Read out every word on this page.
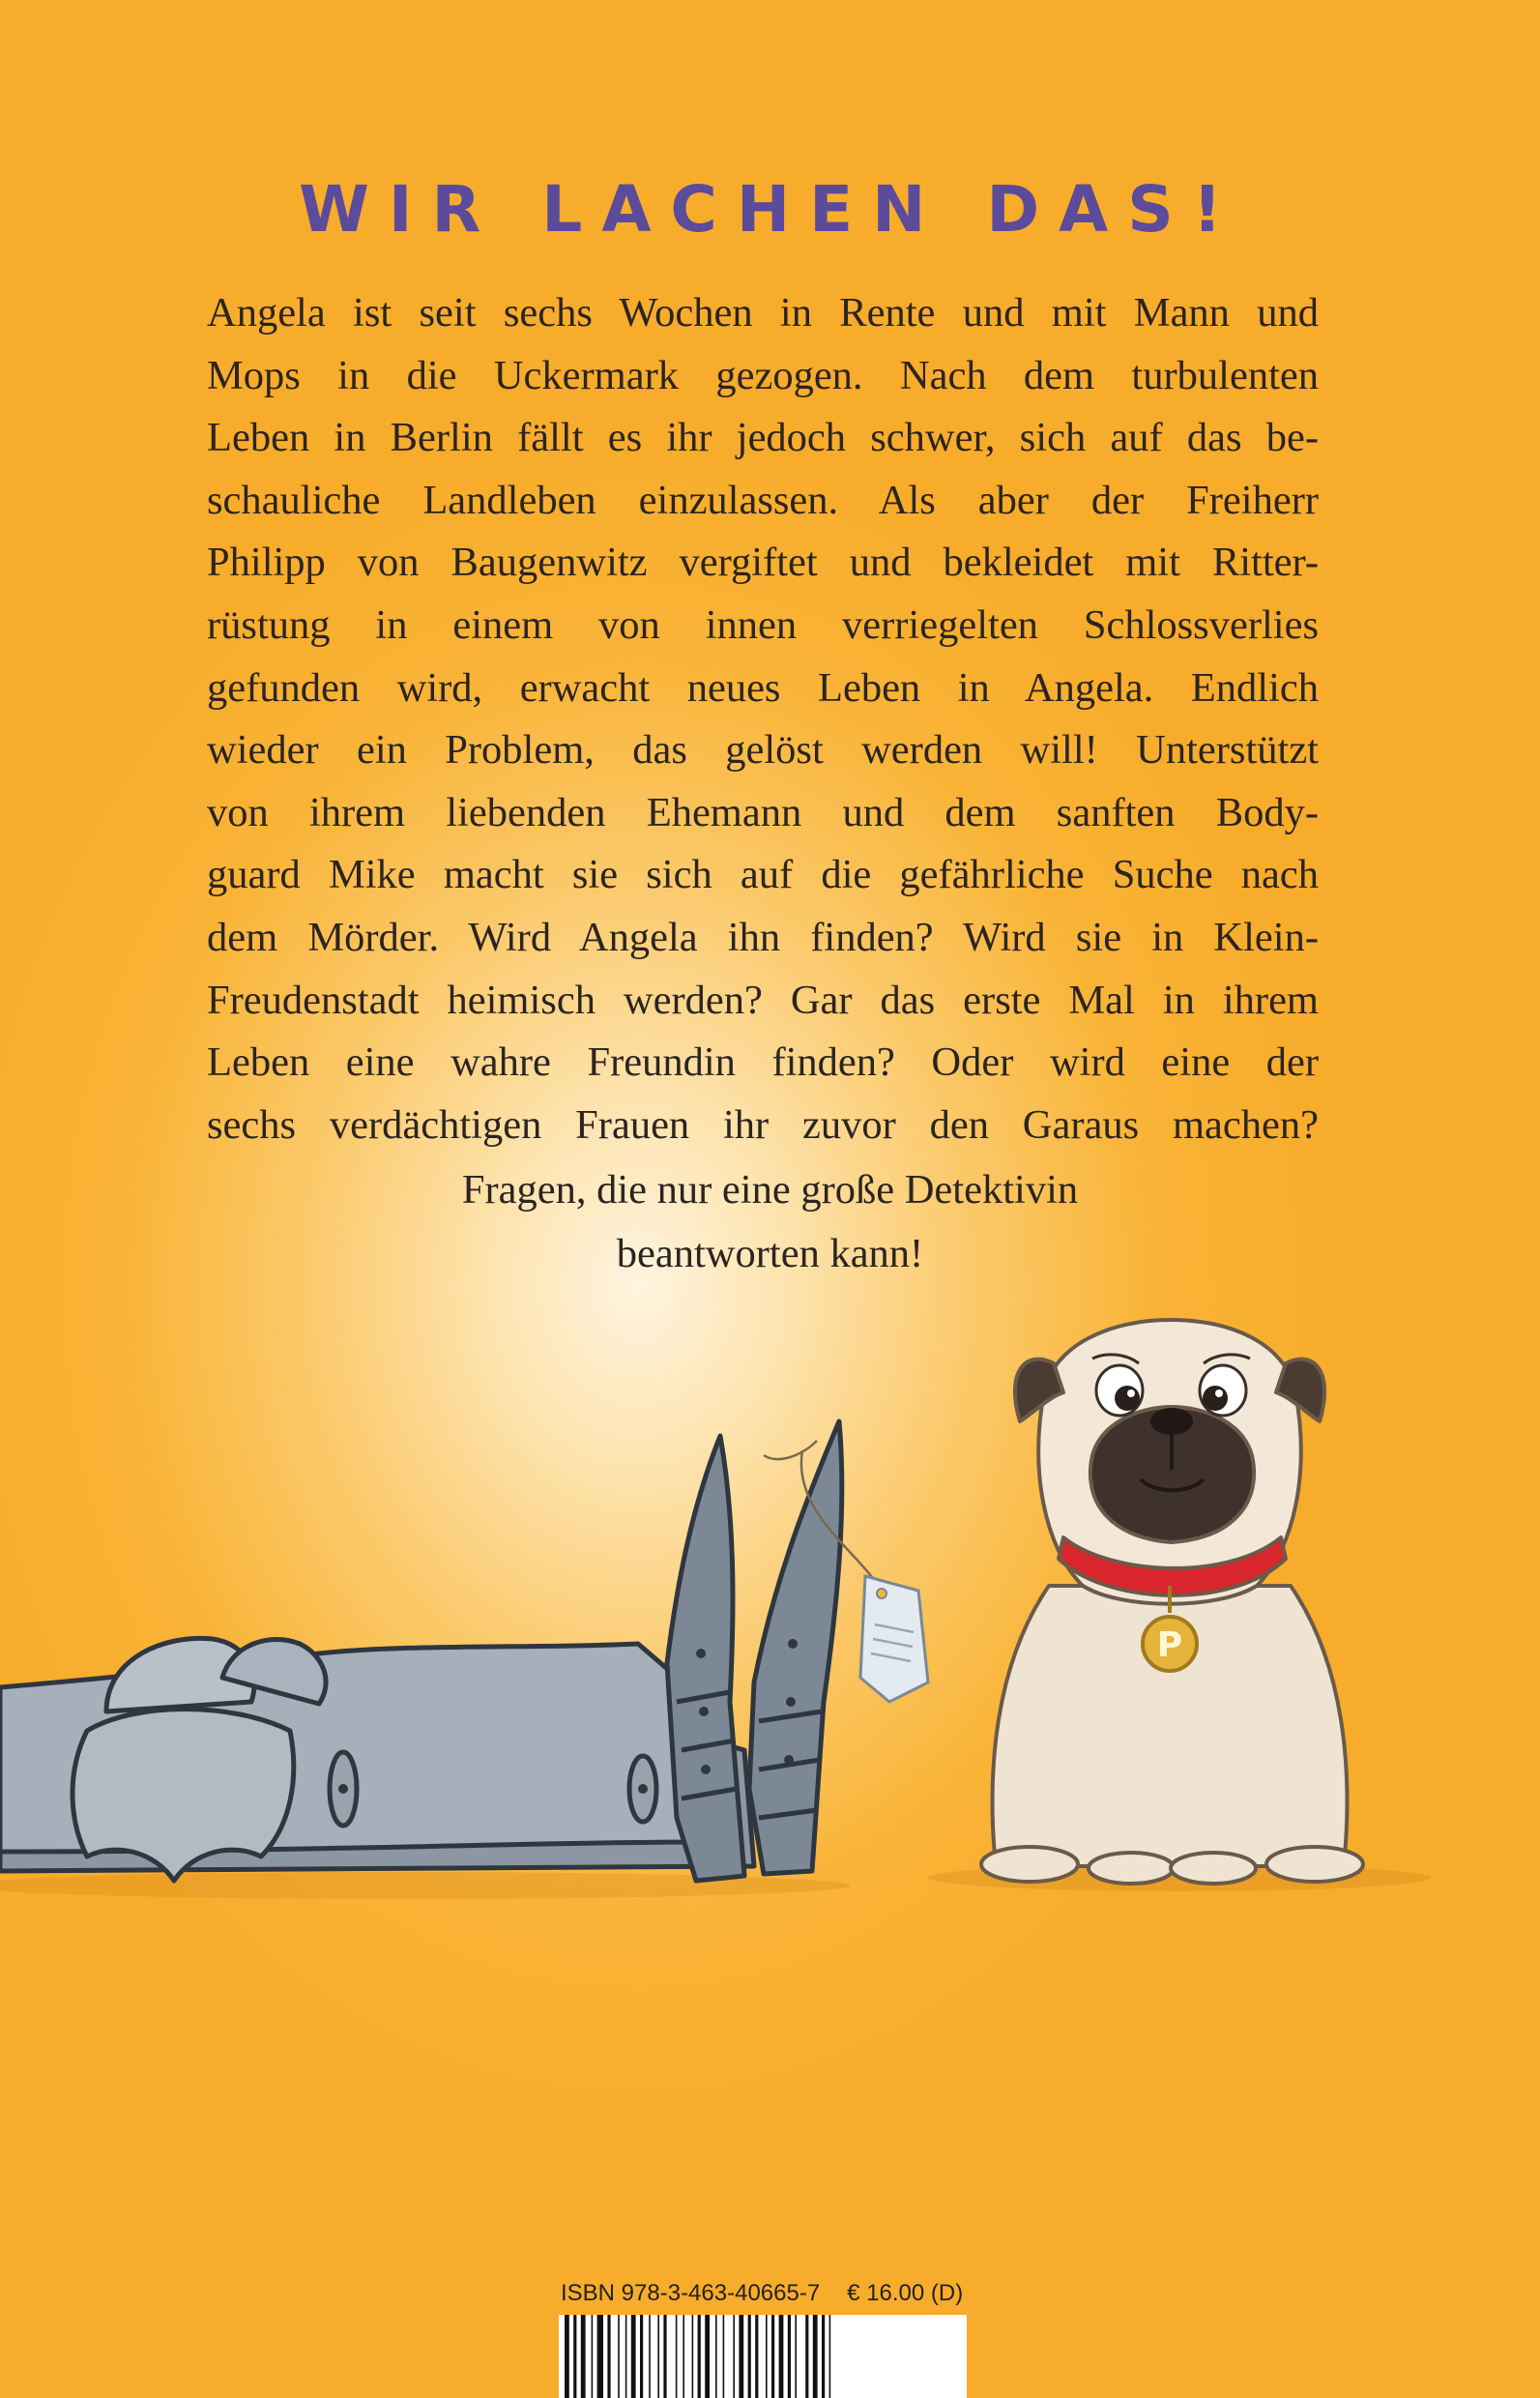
WIR LACHEN DAS!

Angela ist seit sechs Wochen in Rente und mit Mann und
Mops in die Uckermark gezogen. Nach dem turbulenten
Leben in Berlin fällt es ihr jedoch schwer, sich auf das be-
schauliche Landleben einzulassen. Als aber der Freiherr
Philipp von Baugenwitz vergiftet und bekleidet mit Ritter-
rüstung in einem von innen verriegelten Schlossverlies
gefunden wird, erwacht neues Leben in Angela. Endlich
wieder ein Problem, das gelöst werden will! Unterstützt
von ihrem liebenden Ehemann und dem sanften Body-
guard Mike macht sie sich auf die gefährliche Suche nach
dem Mörder. Wird Angela ihn finden? Wird sie in Klein-
Freudenstadt heimisch werden? Gar das erste Mal in ihrem
Leben eine wahre Freundin finden? Oder wird eine der
sechs verdächtigen Frauen ihr zuvor den Garaus machen?

Fragen, die nur eine große Detektivin
beantworten kann!

P
ISBN 978-3-463-40665-7 € 16.00 (D)
